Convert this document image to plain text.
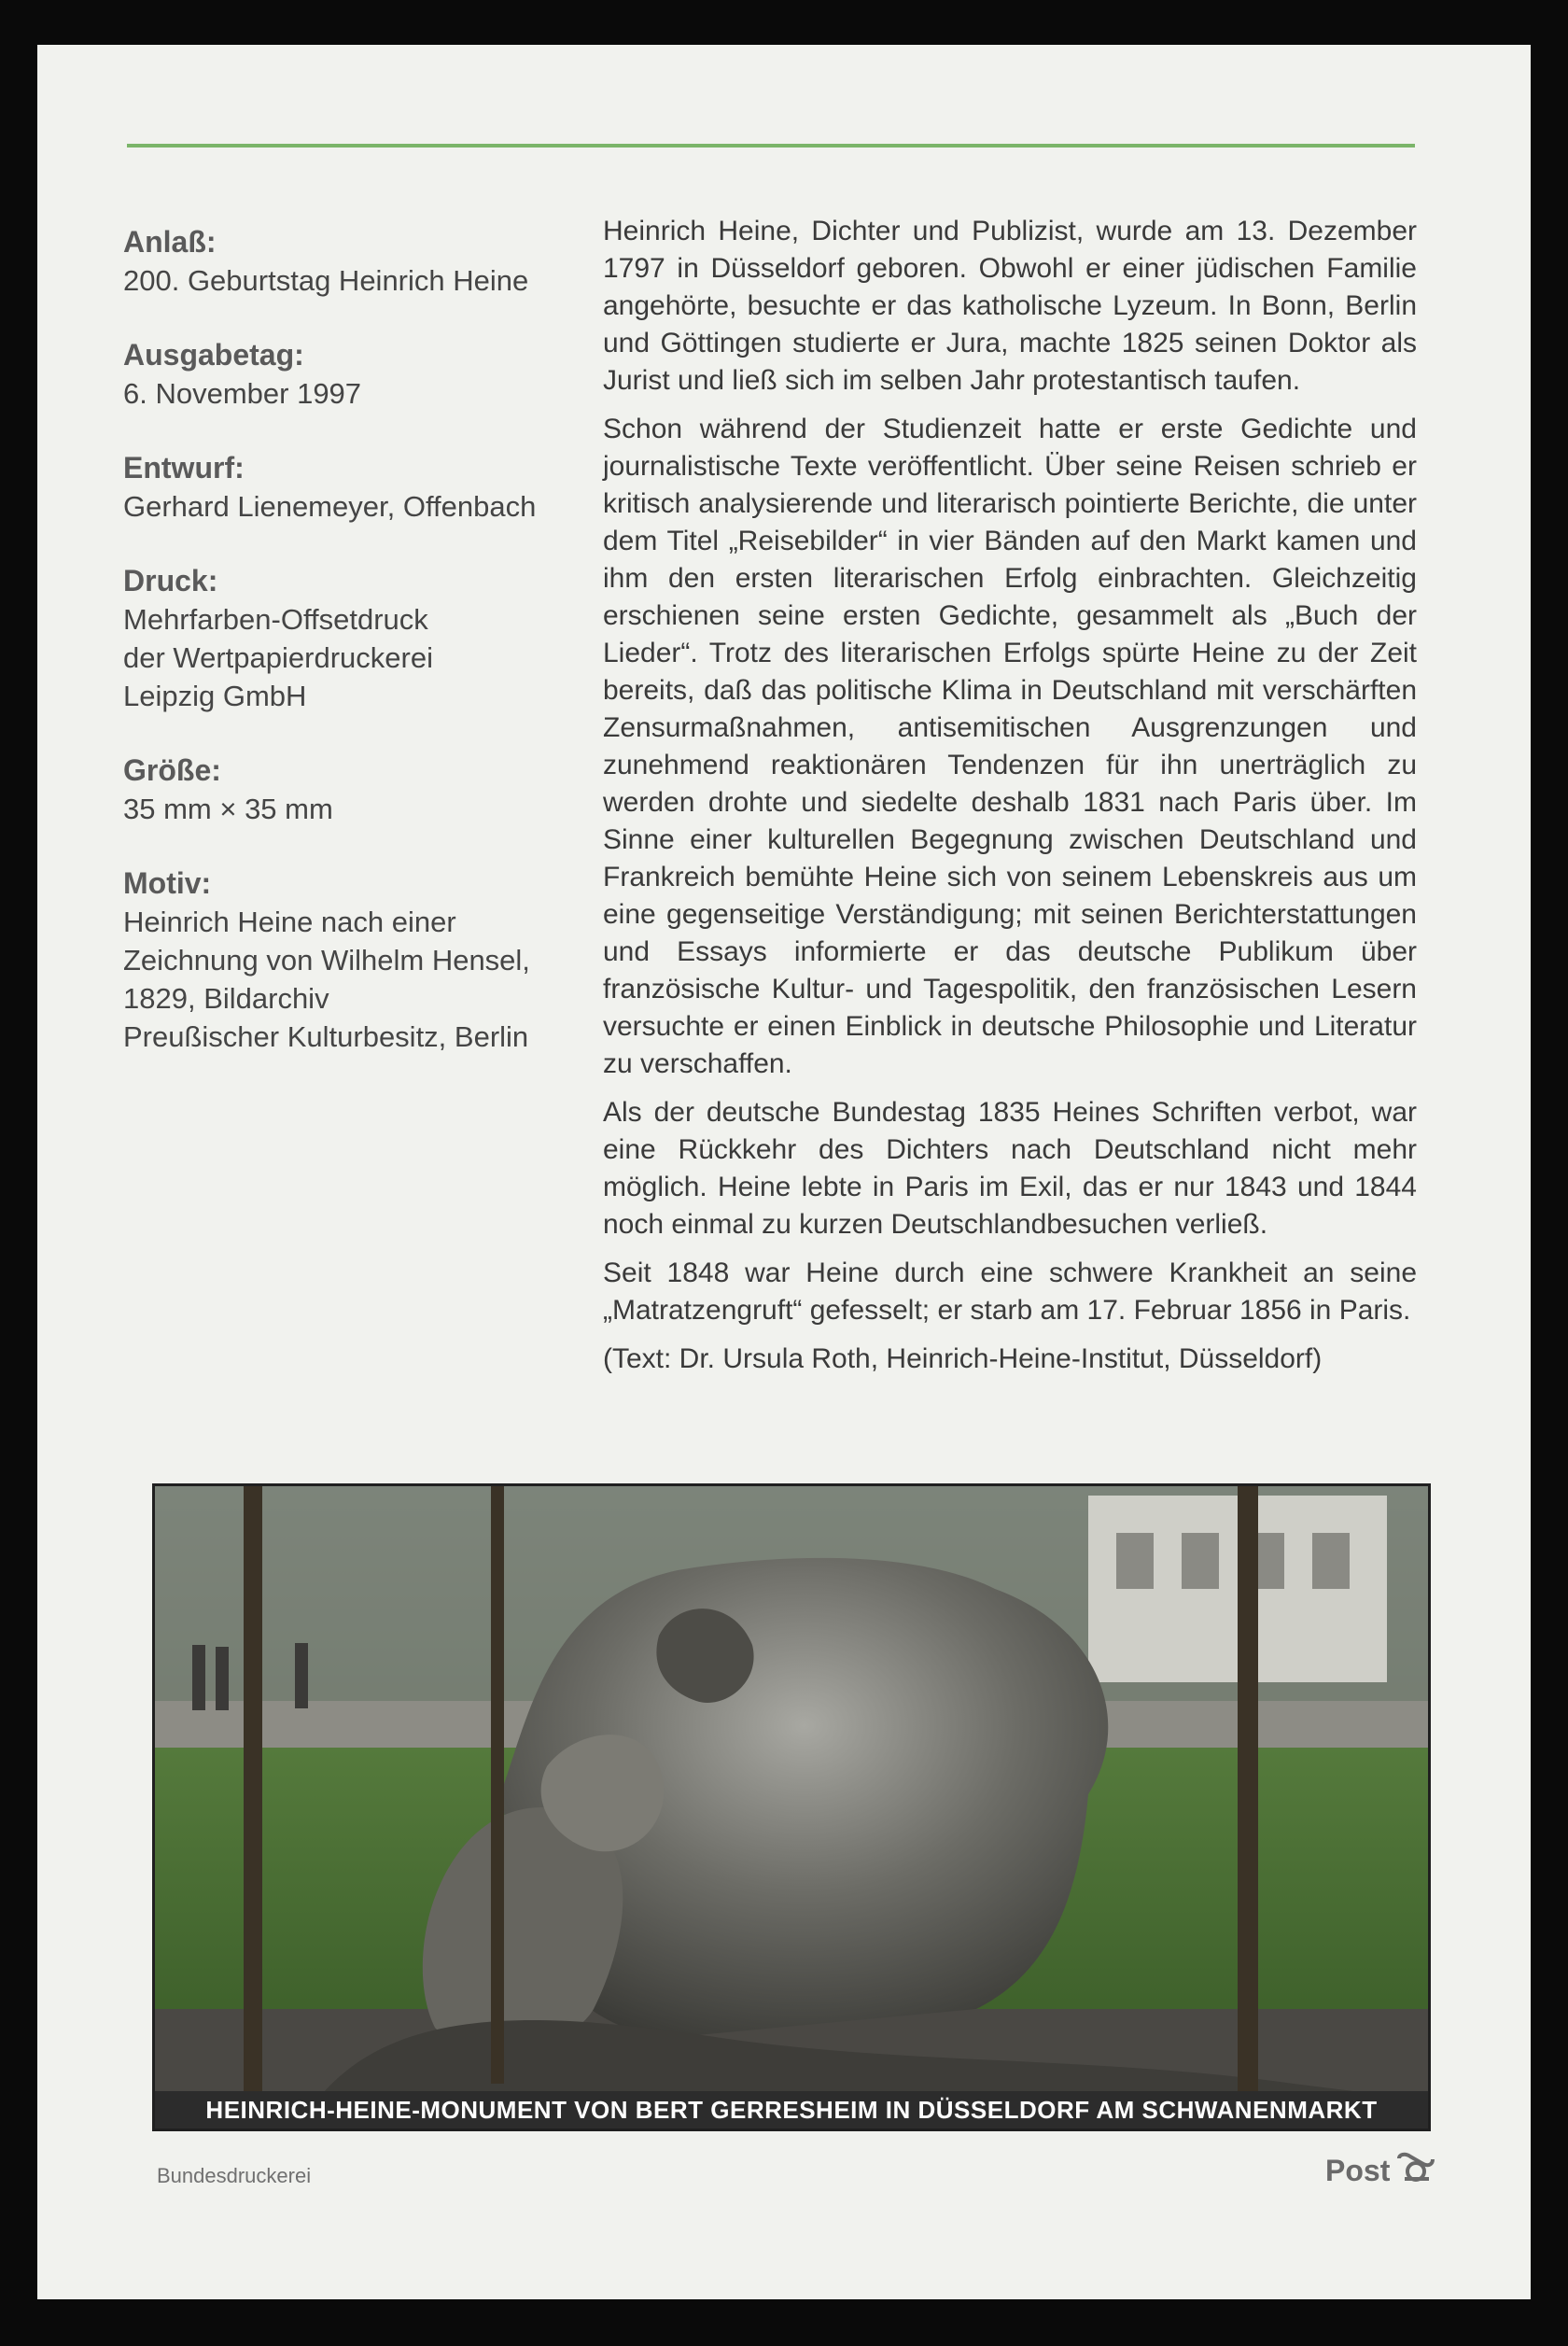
Anlaß:

200. Geburtstag Heinrich Heine

Ausgabetag:

6. November 1997

Entwurf:

Gerhard Lienemeyer, Offenbach

Druck:

Mehrfarben-Offsetdruck
der Wertpapierdruckerei
Leipzig GmbH

Größe:

35 mm × 35 mm

Motiv:

Heinrich Heine nach einer
Zeichnung von Wilhelm Hensel,
1829, Bildarchiv
Preußischer Kulturbesitz, Berlin

Heinrich Heine, Dichter und Publizist, wurde am 13. Dezember 1797 in Düsseldorf geboren. Obwohl er einer jüdischen Familie angehörte, besuchte er das katholische Lyzeum. In Bonn, Berlin und Göttingen studierte er Jura, machte 1825 seinen Doktor als Jurist und ließ sich im selben Jahr protestantisch taufen.

Schon während der Studienzeit hatte er erste Gedichte und journalistische Texte veröffentlicht. Über seine Reisen schrieb er kritisch analysierende und literarisch pointierte Berichte, die unter dem Titel „Reisebilder“ in vier Bänden auf den Markt kamen und ihm den ersten literarischen Erfolg einbrachten. Gleichzeitig erschienen seine ersten Gedichte, gesammelt als „Buch der Lieder“. Trotz des literarischen Erfolgs spürte Heine zu der Zeit bereits, daß das politische Klima in Deutschland mit verschärften Zensurmaßnahmen, antisemitischen Ausgrenzungen und zunehmend reaktionären Tendenzen für ihn unerträglich zu werden drohte und siedelte deshalb 1831 nach Paris über. Im Sinne einer kulturellen Begegnung zwischen Deutschland und Frankreich bemühte Heine sich von seinem Lebenskreis aus um eine gegenseitige Verständigung; mit seinen Berichterstattungen und Essays informierte er das deutsche Publikum über französische Kultur- und Tagespolitik, den französischen Lesern versuchte er einen Einblick in deutsche Philosophie und Literatur zu verschaffen.

Als der deutsche Bundestag 1835 Heines Schriften verbot, war eine Rückkehr des Dichters nach Deutschland nicht mehr möglich. Heine lebte in Paris im Exil, das er nur 1843 und 1844 noch einmal zu kurzen Deutschlandbesuchen verließ.

Seit 1848 war Heine durch eine schwere Krankheit an seine „Matratzengruft“ gefesselt; er starb am 17. Februar 1856 in Paris.

(Text: Dr. Ursula Roth, Heinrich-Heine-Institut, Düsseldorf)

HEINRICH-HEINE-MONUMENT VON BERT GERRESHEIM IN DÜSSELDORF AM SCHWANENMARKT
Bundesdruckerei	Post
